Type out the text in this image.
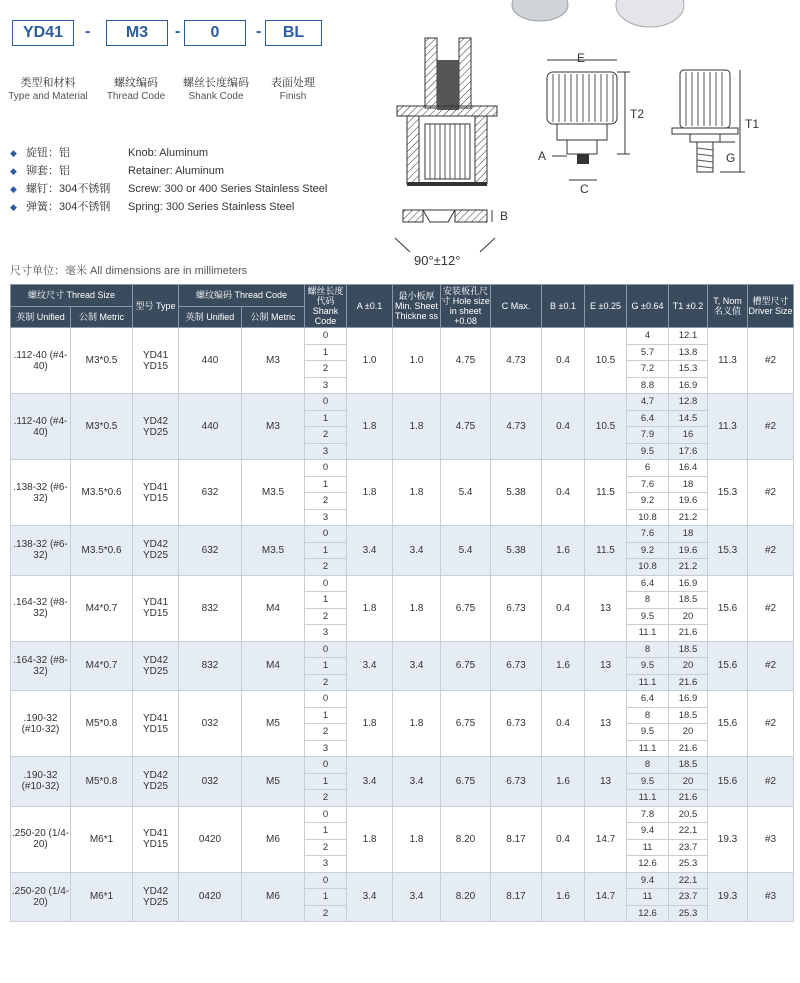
YD41	-	M3	-	0	-	BL
类型和材料
Type and Material
螺纹编码
Thread Code
螺丝长度编码
Shank Code
表面处理
Finish
◆ 旋钮：铝	Knob: Aluminum
◆ 铆套：铝	Retainer: Aluminum
◆ 螺钉：304不锈钢 Screw: 300 or 400 Series Stainless Steel
◆ 弹簧：304不锈钢 Spring: 300 Series Stainless Steel
B
90°±12°
E
T2
A
C
T1
G
尺寸单位：毫米 All dimensions are in millimeters
螺纹尺寸 Thread Size		型号 Type	螺纹编码 Thread Code		螺丝长度代码 Shank Code	A ±0.1	最小板厚 Min. Sheet Thickne ss	安装板孔尺寸 Hole size in sheet +0.08	C Max.	B ±0.1	E ±0.25	G ±0.64	T1 ±0.2	T, Nom 名义值	槽型尺寸 Driver Size
英制 Unified	公制 Metric		英制 Unified	公制 Metric											
.112-40 (#4-40)	M3*0.5	YD41 YD15	440	M3	0	1.0	1.0	4.75	4.73	0.4	10.5	4	12.1	11.3	#2
					1							5.7	13.8		
					2							7.2	15.3		
					3							8.8	16.9		
.112-40 (#4-40)	M3*0.5	YD42 YD25	440	M3	0	1.8	1.8	4.75	4.73	0.4	10.5	4.7	12.8	11.3	#2
					1							6.4	14.5		
					2							7.9	16		
					3							9.5	17.6		
.138-32 (#6-32)	M3.5*0.6	YD41 YD15	632	M3.5	0	1.8	1.8	5.4	5.38	0.4	11.5	6	16.4	15.3	#2
					1							7.6	18		
					2							9.2	19.6		
					3							10.8	21.2		
.138-32 (#6-32)	M3.5*0.6	YD42 YD25	632	M3.5	0	3.4	3.4	5.4	5.38	1.6	11.5	7.6	18	15.3	#2
					1							9.2	19.6		
					2							10.8	21.2		
.164-32 (#8-32)	M4*0.7	YD41 YD15	832	M4	0	1.8	1.8	6.75	6.73	0.4	13	6.4	16.9	15.6	#2
					1							8	18.5		
					2							9.5	20		
					3							11.1	21.6		
.164-32 (#8-32)	M4*0.7	YD42 YD25	832	M4	0	3.4	3.4	6.75	6.73	1.6	13	8	18.5	15.6	#2
					1							9.5	20		
					2							11.1	21.6		
.190-32 (#10-32)	M5*0.8	YD41 YD15	032	M5	0	1.8	1.8	6.75	6.73	0.4	13	6.4	16.9	15.6	#2
					1							8	18.5		
					2							9.5	20		
					3							11.1	21.6		
.190-32 (#10-32)	M5*0.8	YD42 YD25	032	M5	0	3.4	3.4	6.75	6.73	1.6	13	8	18.5	15.6	#2
					1							9.5	20		
					2							11.1	21.6		
.250-20 (1/4-20)	M6*1	YD41 YD15	0420	M6	0	1.8	1.8	8.20	8.17	0.4	14.7	7.8	20.5	19.3	#3
					1							9.4	22.1		
					2							11	23.7		
					3							12.6	25.3		
.250-20 (1/4-20)	M6*1	YD42 YD25	0420	M6	0	3.4	3.4	8.20	8.17	1.6	14.7	9.4	22.1	19.3	#3
					1							11	23.7		
					2							12.6	25.3		
